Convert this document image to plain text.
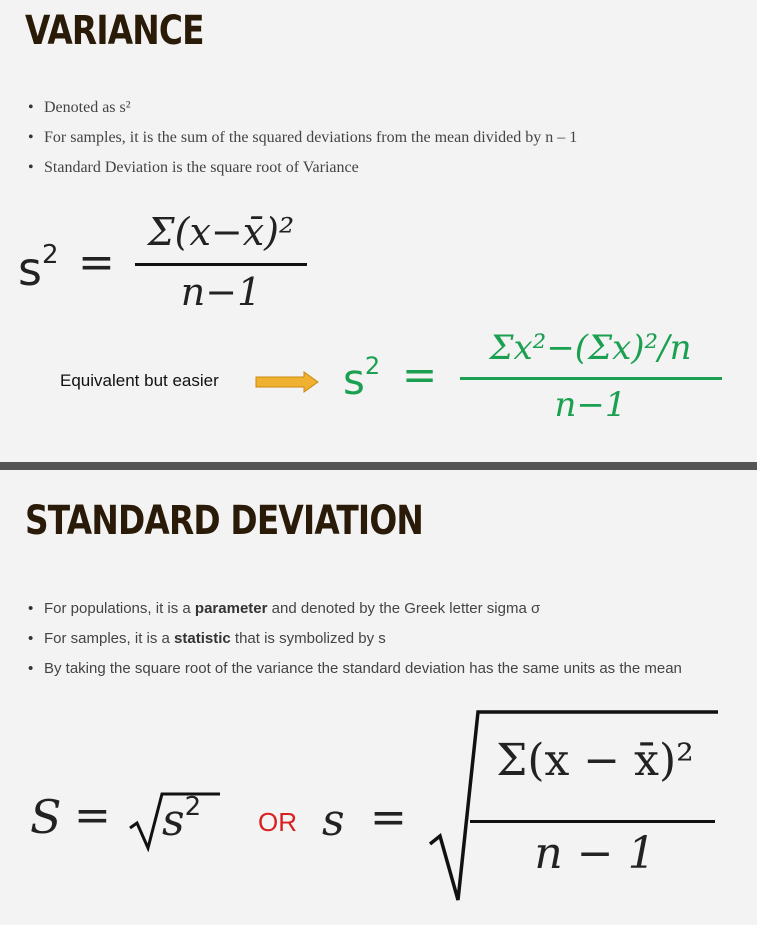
VARIANCE
• Denoted as s²
• For samples, it is the sum of the squared deviations from the mean divided by n – 1
• Standard Deviation is the square root of Variance
$s^2$ =
Σ(x−x̄)²
n−1
Equivalent but easier	$s^2$ =
Σx²−(Σx)²/n
n−1
STANDARD DEVIATION
• For populations, it is a parameter and denoted by the Greek letter sigma σ
• For samples, it is a statistic that is symbolized by s
• By taking the square root of the variance the standard deviation has the same units as the mean
$S = s^2$ OR s =
Σ(x − x̄)²
n − 1
